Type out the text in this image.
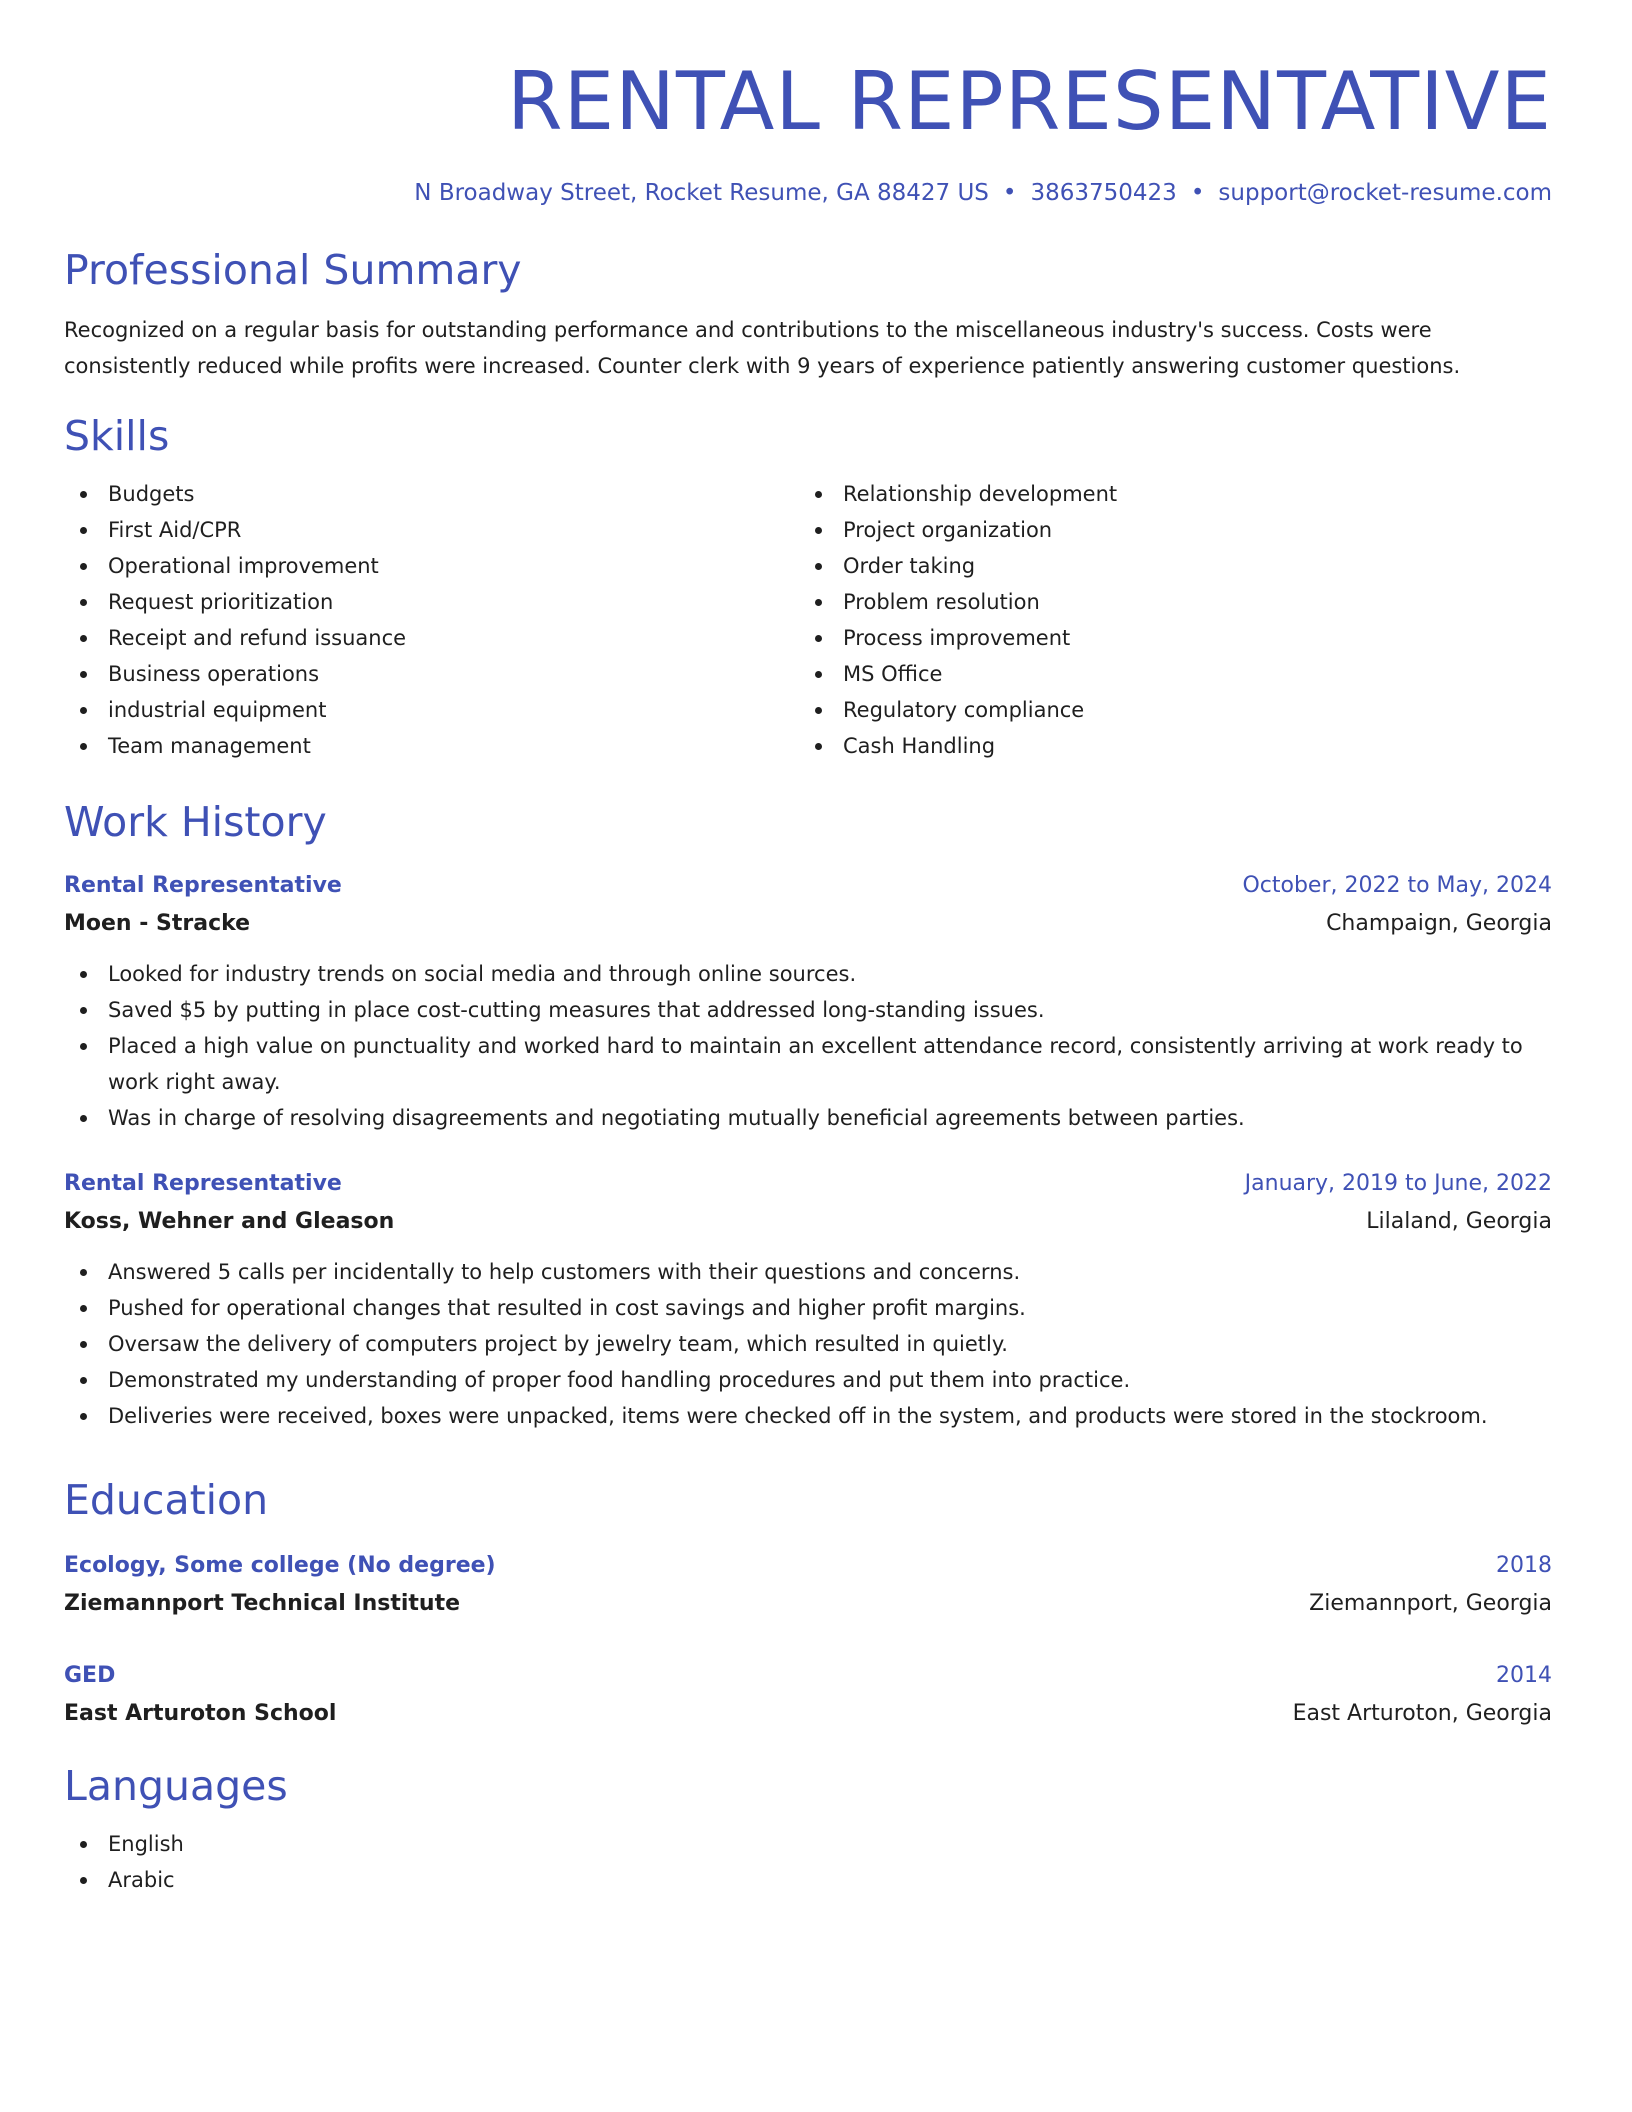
RENTAL REPRESENTATIVE
N Broadway Street, Rocket Resume, GA 88427 US • 3863750423 • support@rocket-resume.com
Professional Summary

Recognized on a regular basis for outstanding performance and contributions to the miscellaneous industry's success. Costs were consistently reduced while profits were increased. Counter clerk with 9 years of experience patiently answering customer questions.

Skills
Budgets
First Aid/CPR
Operational improvement
Request prioritization
Receipt and refund issuance
Business operations
industrial equipment
Team management
Relationship development
Project organization
Order taking
Problem resolution
Process improvement
MS Office
Regulatory compliance
Cash Handling
Work History
Rental Representative	October, 2022 to May, 2024
Moen - Stracke	Champaign, Georgia
Looked for industry trends on social media and through online sources.
Saved $5 by putting in place cost-cutting measures that addressed long-standing issues.
Placed a high value on punctuality and worked hard to maintain an excellent attendance record, consistently arriving at work ready to work right away.
Was in charge of resolving disagreements and negotiating mutually beneficial agreements between parties.
Rental Representative	January, 2019 to June, 2022
Koss, Wehner and Gleason	Lilaland, Georgia
Answered 5 calls per incidentally to help customers with their questions and concerns.
Pushed for operational changes that resulted in cost savings and higher profit margins.
Oversaw the delivery of computers project by jewelry team, which resulted in quietly.
Demonstrated my understanding of proper food handling procedures and put them into practice.
Deliveries were received, boxes were unpacked, items were checked off in the system, and products were stored in the stockroom.
Education
Ecology, Some college (No degree)	2018
Ziemannport Technical Institute	Ziemannport, Georgia
GED	2014
East Arturoton School	East Arturoton, Georgia
Languages
English
Arabic
